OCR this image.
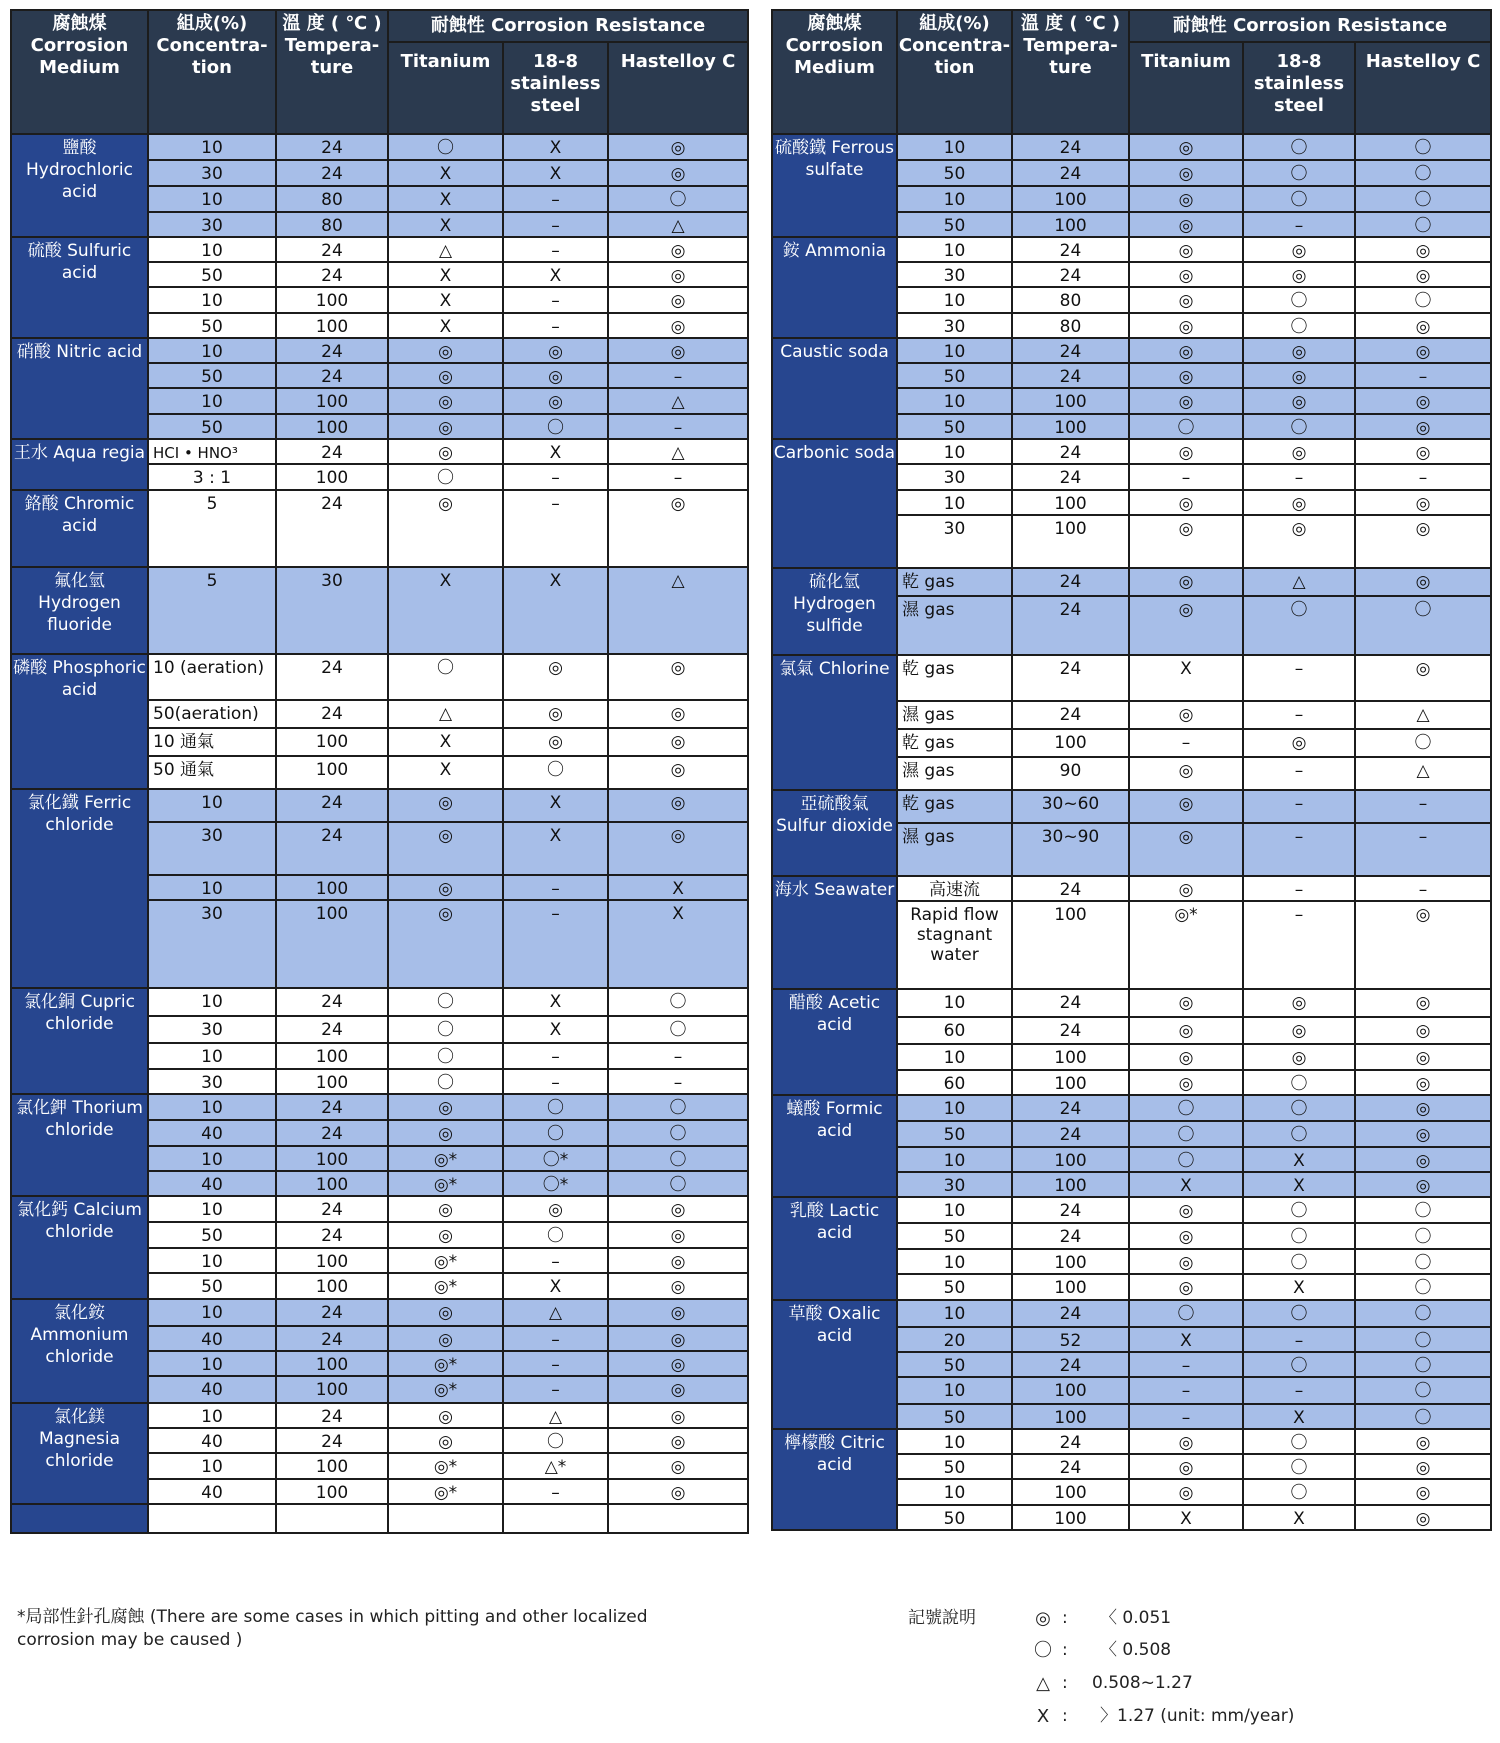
腐蝕煤 Corrosion Medium	組成(%) Concentra- tion	溫 度 ( ℃ ) Tempera- ture	耐蝕性 Corrosion Resistance		
			Titanium	18-8 stainless steel	Hastelloy C
鹽酸 Hydrochloric acid	10	24	〇	X	◎
	30	24	X	X	◎
	10	80	X	–	〇
	30	80	X	–	△
硫酸 Sulfuric acid	10	24	△	–	◎
	50	24	X	X	◎
	10	100	X	–	◎
	50	100	X	–	◎
硝酸 Nitric acid	10	24	◎	◎	◎
	50	24	◎	◎	–
	10	100	◎	◎	△
	50	100	◎	〇	–
王水 Aqua regia	HCI • HNO³	24	◎	X	△
	3 : 1	100	〇	–	–
鉻酸 Chromic acid	5	24	◎	–	◎
氟化氫 Hydrogen fluoride	5	30	X	X	△
磷酸 Phosphoric acid	10 (aeration)	24	〇	◎	◎
	50(aeration)	24	△	◎	◎
	10 通氣	100	X	◎	◎
	50 通氣	100	X	〇	◎
氯化鐵 Ferric chloride	10	24	◎	X	◎
	30	24	◎	X	◎
	10	100	◎	–	X
	30	100	◎	–	X
氯化銅 Cupric chloride	10	24	〇	X	〇
	30	24	〇	X	〇
	10	100	〇	–	–
	30	100	〇	–	–
氯化鉀 Thorium chloride	10	24	◎	〇	〇
	40	24	◎	〇	〇
	10	100	◎*	〇*	〇
	40	100	◎*	〇*	〇
氯化鈣 Calcium chloride	10	24	◎	◎	◎
	50	24	◎	〇	◎
	10	100	◎*	–	◎
	50	100	◎*	X	◎
氯化銨 Ammonium chloride	10	24	◎	△	◎
	40	24	◎	–	◎
	10	100	◎*	–	◎
	40	100	◎*	–	◎
氯化鎂 Magnesia chloride	10	24	◎	△	◎
	40	24	◎	〇	◎
	10	100	◎*	△*	◎
	40	100	◎*	–	◎

腐蝕煤 Corrosion Medium	組成(%) Concentra- tion	溫 度 ( ℃ ) Tempera- ture	耐蝕性 Corrosion Resistance		
			Titanium	18-8 stainless steel	Hastelloy C
硫酸鐵 Ferrous sulfate	10	24	◎	〇	〇
	50	24	◎	〇	〇
	10	100	◎	〇	〇
	50	100	◎	–	〇
銨 Ammonia	10	24	◎	◎	◎
	30	24	◎	◎	◎
	10	80	◎	〇	〇
	30	80	◎	〇	◎
Caustic soda	10	24	◎	◎	◎
	50	24	◎	◎	–
	10	100	◎	◎	◎
	50	100	〇	〇	◎
Carbonic soda	10	24	◎	◎	◎
	30	24	–	–	–
	10	100	◎	◎	◎
	30	100	◎	◎	◎
硫化氫 Hydrogen sulfide	乾 gas	24	◎	△	◎
	濕 gas	24	◎	〇	〇
氯氣 Chlorine	乾 gas	24	X	–	◎
	濕 gas	24	◎	–	△
	乾 gas	100	–	◎	〇
	濕 gas	90	◎	–	△
亞硫酸氣 Sulfur dioxide	乾 gas	30~60	◎	–	–
	濕 gas	30~90	◎	–	–
海水 Seawater	高速流	24	◎	–	–
	Rapid flow stagnant water	100	◎*	–	◎
醋酸 Acetic acid	10	24	◎	◎	◎
	60	24	◎	◎	◎
	10	100	◎	◎	◎
	60	100	◎	〇	◎
蟻酸 Formic acid	10	24	〇	〇	◎
	50	24	〇	〇	◎
	10	100	〇	X	◎
	30	100	X	X	◎
乳酸 Lactic acid	10	24	◎	〇	〇
	50	24	◎	〇	〇
	10	100	◎	〇	〇
	50	100	◎	X	〇
草酸 Oxalic acid	10	24	〇	〇	〇
	20	52	X	–	〇
	50	24	–	〇	〇
	10	100	–	–	〇
	50	100	–	X	〇
檸檬酸 Citric acid	10	24	◎	〇	◎
	50	24	◎	〇	◎
	10	100	◎	〇	◎
	50	100	X	X	◎
*局部性針孔腐蝕 (There are some cases in which pitting and other localized corrosion may be caused )
記號說明	◎ : 〈 0.051
〇 : 〈 0.508
△ : 0.508~1.27
X : 〉1.27 (unit: mm/year)
